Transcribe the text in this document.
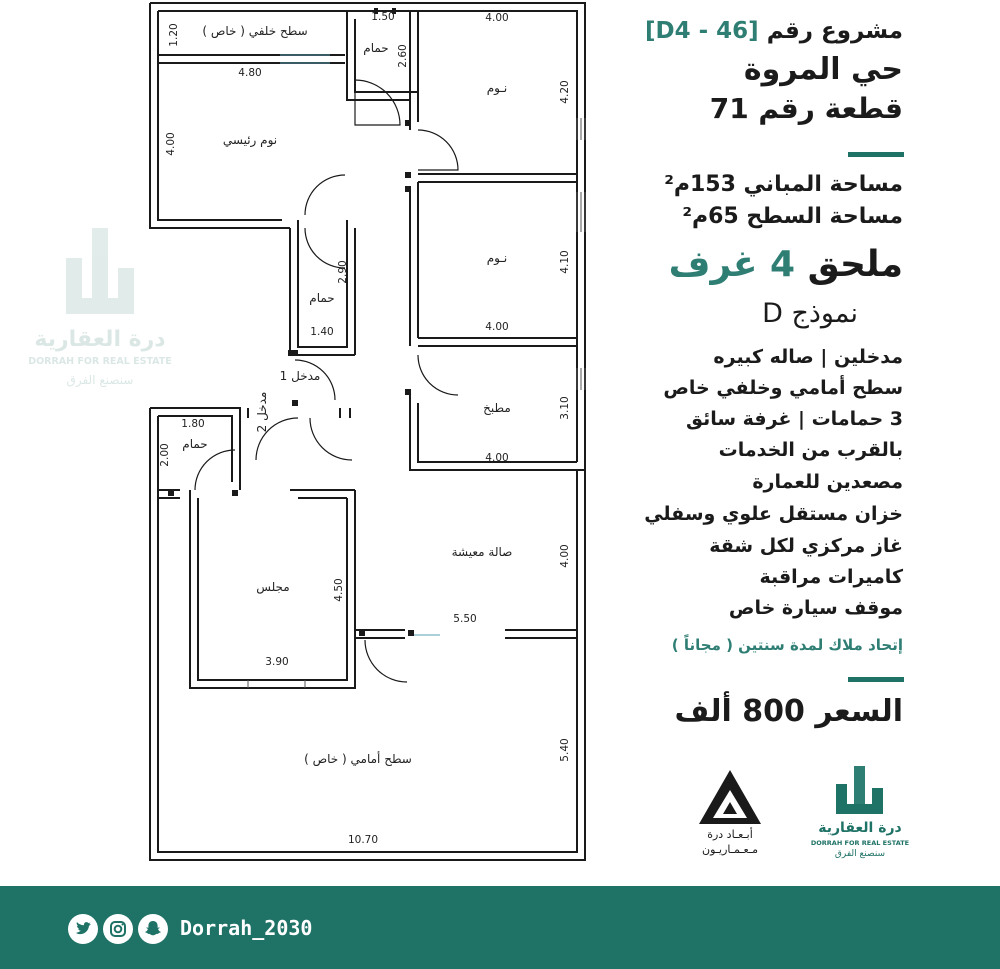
درة العقارية
DORRAH FOR REAL ESTATE
سنصنع الفرق
سطح خلفي ( خاص )
حمام
نـوم
نوم رئيسي
نـوم
حمام
مدخل 1
مدخل 2	مطبخ
حمام
صالة معيشة
مجلس
سطح أمامي ( خاص )
1.20
1.50
2.60
4.00
4.20
4.80
4.00
4.10
4.00
2.90
1.40
3.10
4.00
1.80
2.00
4.00
5.50
4.50
3.90
5.40
10.70
مشروع رقم [D4 - 46]
حي المروة
قطعة رقم 71
مساحة المباني 153م²
مساحة السطح 65م²
ملحق 4 غرف
نموذج D
مدخلين | صاله كبيره
سطح أمامي وخلفي خاص
3 حمامات | غرفة سائق
بالقرب من الخدمات
مصعدين للعمارة
خزان مستقل علوي وسفلي
غاز مركزي لكل شقة
كاميرات مراقبة
موقف سيارة خاص
إتحاد ملاك لمدة سنتين ( مجاناً )
السعر 800 ألف
أبـعـاد درة
مـعـمـاريـون
درة العقارية
DORRAH FOR REAL ESTATE
سنصنع الفرق
Dorrah_2030
